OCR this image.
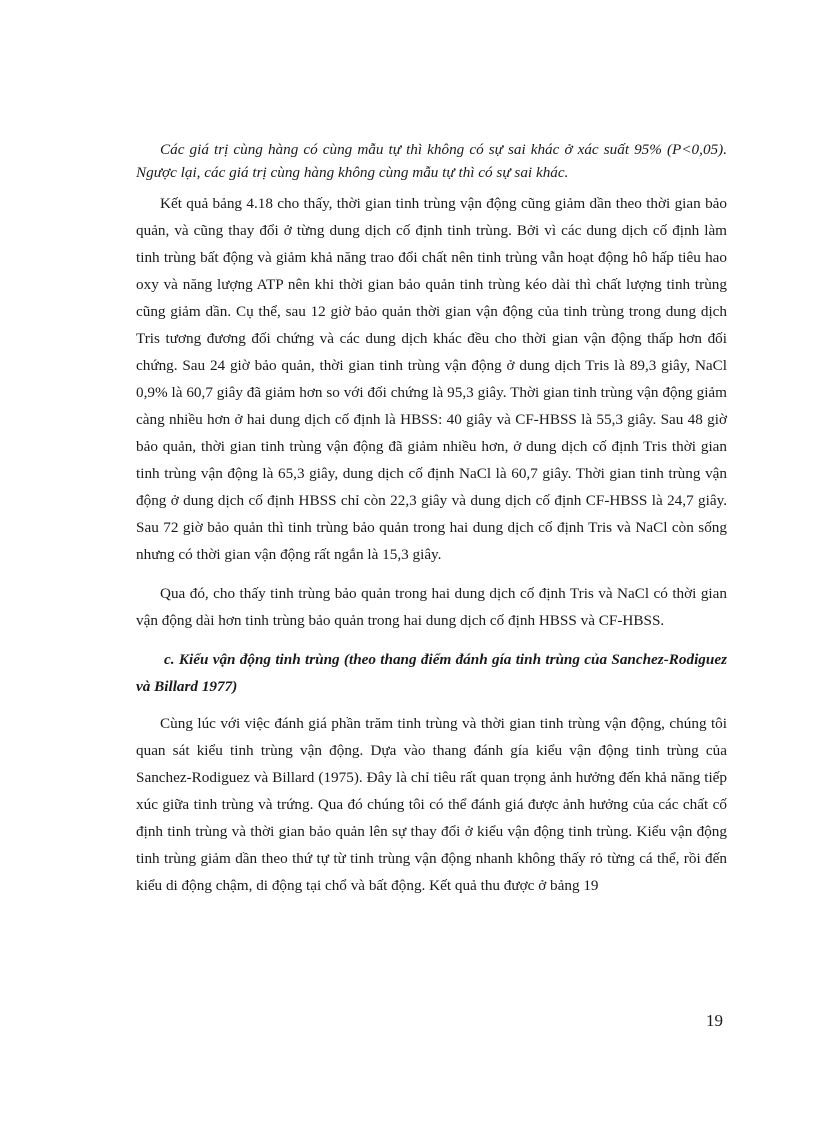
Các giá trị cùng hàng có cùng mẫu tự thì không có sự sai khác ở xác suất 95% (P<0,05). Ngược lại, các giá trị cùng hàng không cùng mẫu tự thì có sự sai khác.

Kết quả bảng 4.18 cho thấy, thời gian tinh trùng vận động cũng giảm dần theo thời gian bảo quản, và cũng thay đổi ở từng dung dịch cố định tinh trùng. Bởi vì các dung dịch cố định làm tinh trùng bất động và giảm khả năng trao đổi chất nên tinh trùng vẫn hoạt động hô hấp tiêu hao oxy và năng lượng ATP nên khi thời gian bảo quản tinh trùng kéo dài thì chất lượng tinh trùng cũng giảm dần. Cụ thể, sau 12 giờ bảo quản thời gian vận động của tinh trùng trong dung dịch Tris tương đương đối chứng và các dung dịch khác đều cho thời gian vận động thấp hơn đối chứng. Sau 24 giờ bảo quản, thời gian tinh trùng vận động ở dung dịch Tris là 89,3 giây, NaCl 0,9% là 60,7 giây đã giảm hơn so với đối chứng là 95,3 giây. Thời gian tinh trùng vận động giảm càng nhiều hơn ở hai dung dịch cố định là HBSS: 40 giây và CF-HBSS là 55,3 giây. Sau 48 giờ bảo quản, thời gian tinh trùng vận động đã giảm nhiều hơn, ở dung dịch cố định Tris thời gian tinh trùng vận động là 65,3 giây, dung dịch cố định NaCl là 60,7 giây. Thời gian tinh trùng vận động ở dung dịch cố định HBSS chỉ còn 22,3 giây và dung dịch cố định CF-HBSS là 24,7 giây. Sau 72 giờ bảo quản thì tinh trùng bảo quản trong hai dung dịch cố định Tris và NaCl còn sống nhưng có thời gian vận động rất ngắn là 15,3 giây.

Qua đó, cho thấy tinh trùng bảo quản trong hai dung dịch cố định Tris và NaCl có thời gian vận động dài hơn tinh trùng bảo quản trong hai dung dịch cố định HBSS và CF-HBSS.

c. Kiểu vận động tinh trùng (theo thang điểm đánh gía tinh trùng của Sanchez-Rodiguez và Billard 1977)

Cùng lúc với việc đánh giá phần trăm tinh trùng và thời gian tinh trùng vận động, chúng tôi quan sát kiểu tinh trùng vận động. Dựa vào thang đánh gía kiểu vận động tinh trùng của Sanchez-Rodiguez và Billard (1975). Đây là chỉ tiêu rất quan trọng ảnh hưởng đến khả năng tiếp xúc giữa tinh trùng và trứng. Qua đó chúng tôi có thể đánh giá được ảnh hưởng của các chất cố định tinh trùng và thời gian bảo quản lên sự thay đổi ở kiểu vận động tinh trùng. Kiểu vận động tinh trùng giảm dần theo thứ tự từ tinh trùng vận động nhanh không thấy rỏ từng cá thể, rồi đến kiểu di động chậm, di động tại chổ và bất động. Kết quả thu được ở bảng 19

19
